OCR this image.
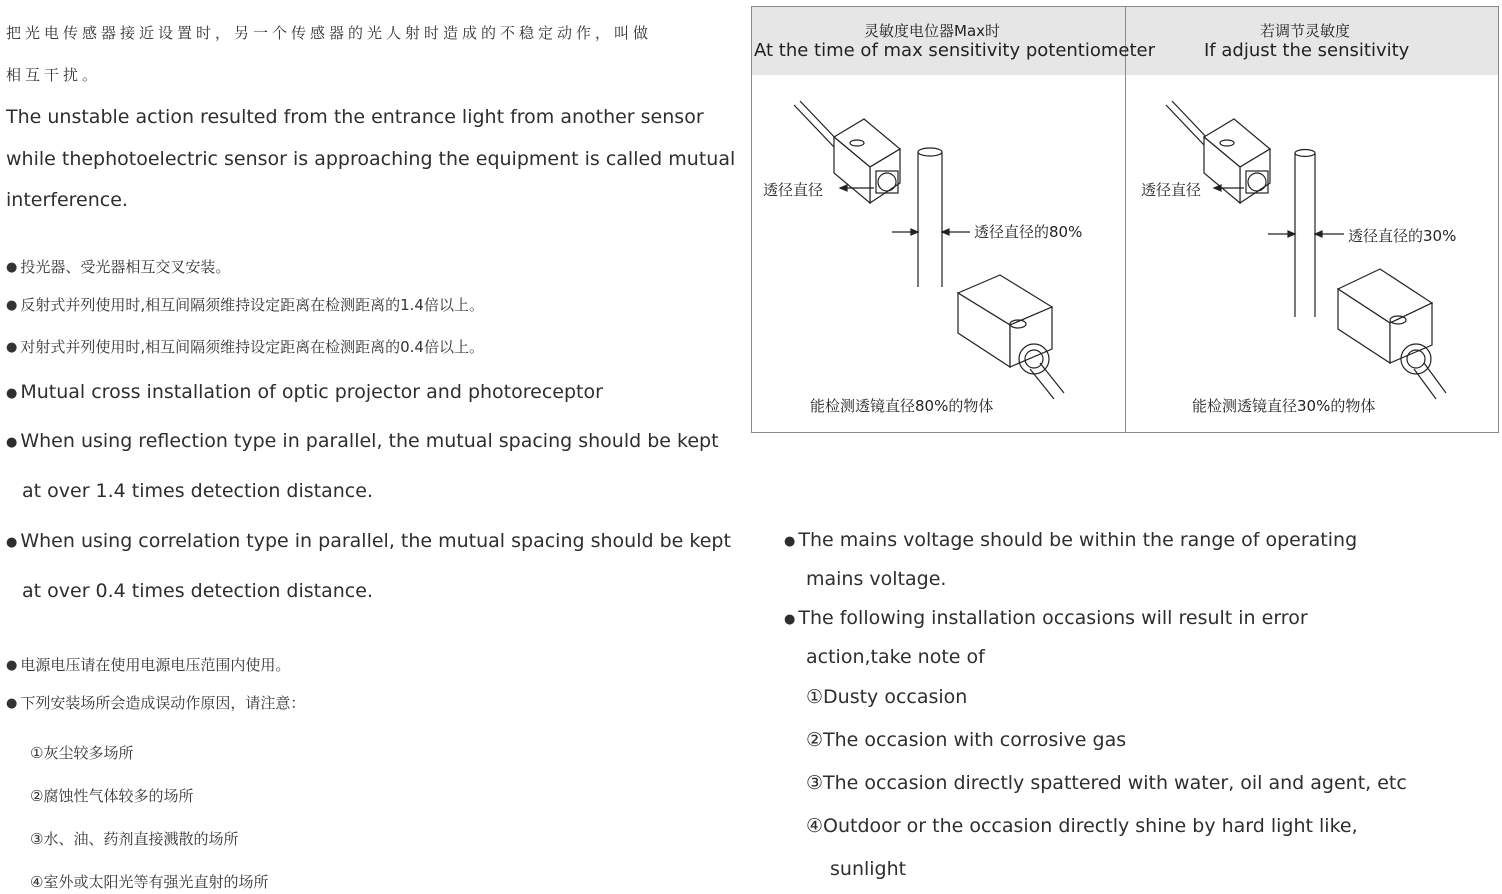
把光电传感器接近设置时，另一个传感器的光人射时造成的不稳定动作，叫做
相互干扰。
The unstable action resulted from the entrance light from another sensor
while thephotoelectric sensor is approaching the equipment is called mutual
interference.
● 投光器、受光器相互交叉安装。
● 反射式并列使用时,相互间隔须维持设定距离在检测距离的1.4倍以上。
● 对射式并列使用时,相互间隔须维持设定距离在检测距离的0.4倍以上。
● Mutual cross installation of optic projector and photoreceptor
● When using reflection type in parallel, the mutual spacing should be kept
at over 1.4 times detection distance.
● When using correlation type in parallel, the mutual spacing should be kept
at over 0.4 times detection distance.
● 电源电压请在使用电源电压范围内使用。
● 下列安装场所会造成误动作原因，请注意：
①灰尘较多场所
②腐蚀性气体较多的场所
③水、油、药剂直接溅散的场所
④室外或太阳光等有强光直射的场所
灵敏度电位器Max时
At the time of max sensitivity potentiometer
若调节灵敏度
If adjust the sensitivity
透径直径
透径直径的80%
能检测透镜直径80%的物体
透径直径
透径直径的30%
能检测透镜直径30%的物体
● The mains voltage should be within the range of operating
mains voltage.
● The following installation occasions will result in error
action,take note of
①Dusty occasion
②The occasion with corrosive gas
③The occasion directly spattered with water, oil and agent, etc
④Outdoor or the occasion directly shine by hard light like,
sunlight
